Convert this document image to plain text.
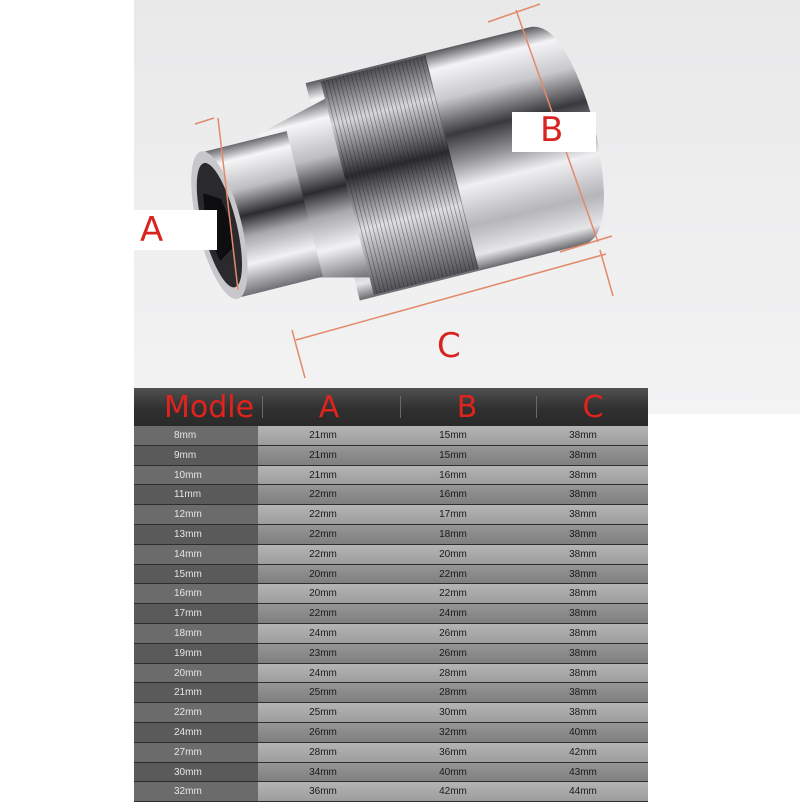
A
B
C
Modle	A	B	C
8mm	21mm	15mm	38mm
9mm	21mm	15mm	38mm
10mm	21mm	16mm	38mm
11mm	22mm	16mm	38mm
12mm	22mm	17mm	38mm
13mm	22mm	18mm	38mm
14mm	22mm	20mm	38mm
15mm	20mm	22mm	38mm
16mm	20mm	22mm	38mm
17mm	22mm	24mm	38mm
18mm	24mm	26mm	38mm
19mm	23mm	26mm	38mm
20mm	24mm	28mm	38mm
21mm	25mm	28mm	38mm
22mm	25mm	30mm	38mm
24mm	26mm	32mm	40mm
27mm	28mm	36mm	42mm
30mm	34mm	40mm	43mm
32mm	36mm	42mm	44mm
